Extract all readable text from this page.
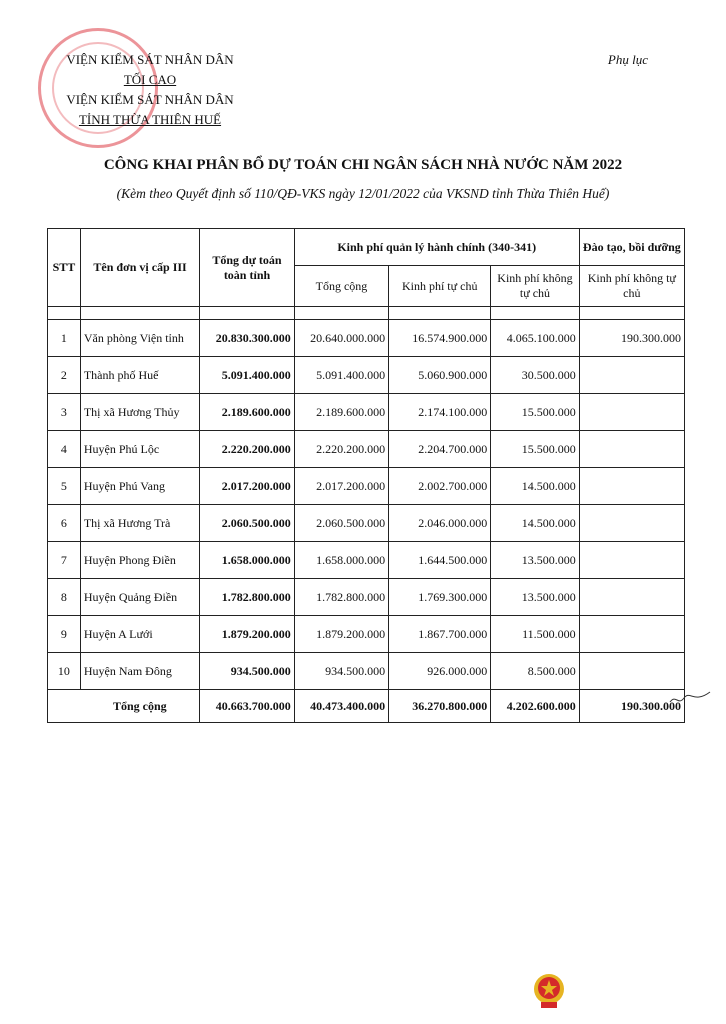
VIỆN KIỂM SÁT NHÂN DÂN
TỐI CAO
VIỆN KIỂM SÁT NHÂN DÂN
TỈNH THỪA THIÊN HUẾ
Phụ lục
CÔNG KHAI PHÂN BỔ DỰ TOÁN CHI NGÂN SÁCH NHÀ NƯỚC NĂM 2022
(Kèm theo Quyết định số 110/QĐ-VKS ngày 12/01/2022 của VKSND tỉnh Thừa Thiên Huế)
STT	Tên đơn vị cấp III	Tổng dự toán toàn tỉnh	Kinh phí quản lý hành chính (340-341)			Đào tạo, bồi dưỡng
			Tổng cộng	Kinh phí tự chủ	Kinh phí không tự chủ	Kinh phí không tự chủ

1	Văn phòng Viện tỉnh	20.830.300.000	20.640.000.000	16.574.900.000	4.065.100.000	190.300.000
2	Thành phố Huế	5.091.400.000	5.091.400.000	5.060.900.000	30.500.000	
3	Thị xã Hương Thủy	2.189.600.000	2.189.600.000	2.174.100.000	15.500.000	
4	Huyện Phú Lộc	2.220.200.000	2.220.200.000	2.204.700.000	15.500.000	
5	Huyện Phú Vang	2.017.200.000	2.017.200.000	2.002.700.000	14.500.000	
6	Thị xã Hương Trà	2.060.500.000	2.060.500.000	2.046.000.000	14.500.000	
7	Huyện Phong Điền	1.658.000.000	1.658.000.000	1.644.500.000	13.500.000	
8	Huyện Quảng Điền	1.782.800.000	1.782.800.000	1.769.300.000	13.500.000	
9	Huyện A Lưới	1.879.200.000	1.879.200.000	1.867.700.000	11.500.000	
10	Huyện Nam Đông	934.500.000	934.500.000	926.000.000	8.500.000	
	Tổng cộng	40.663.700.000	40.473.400.000	36.270.800.000	4.202.600.000	190.300.000
